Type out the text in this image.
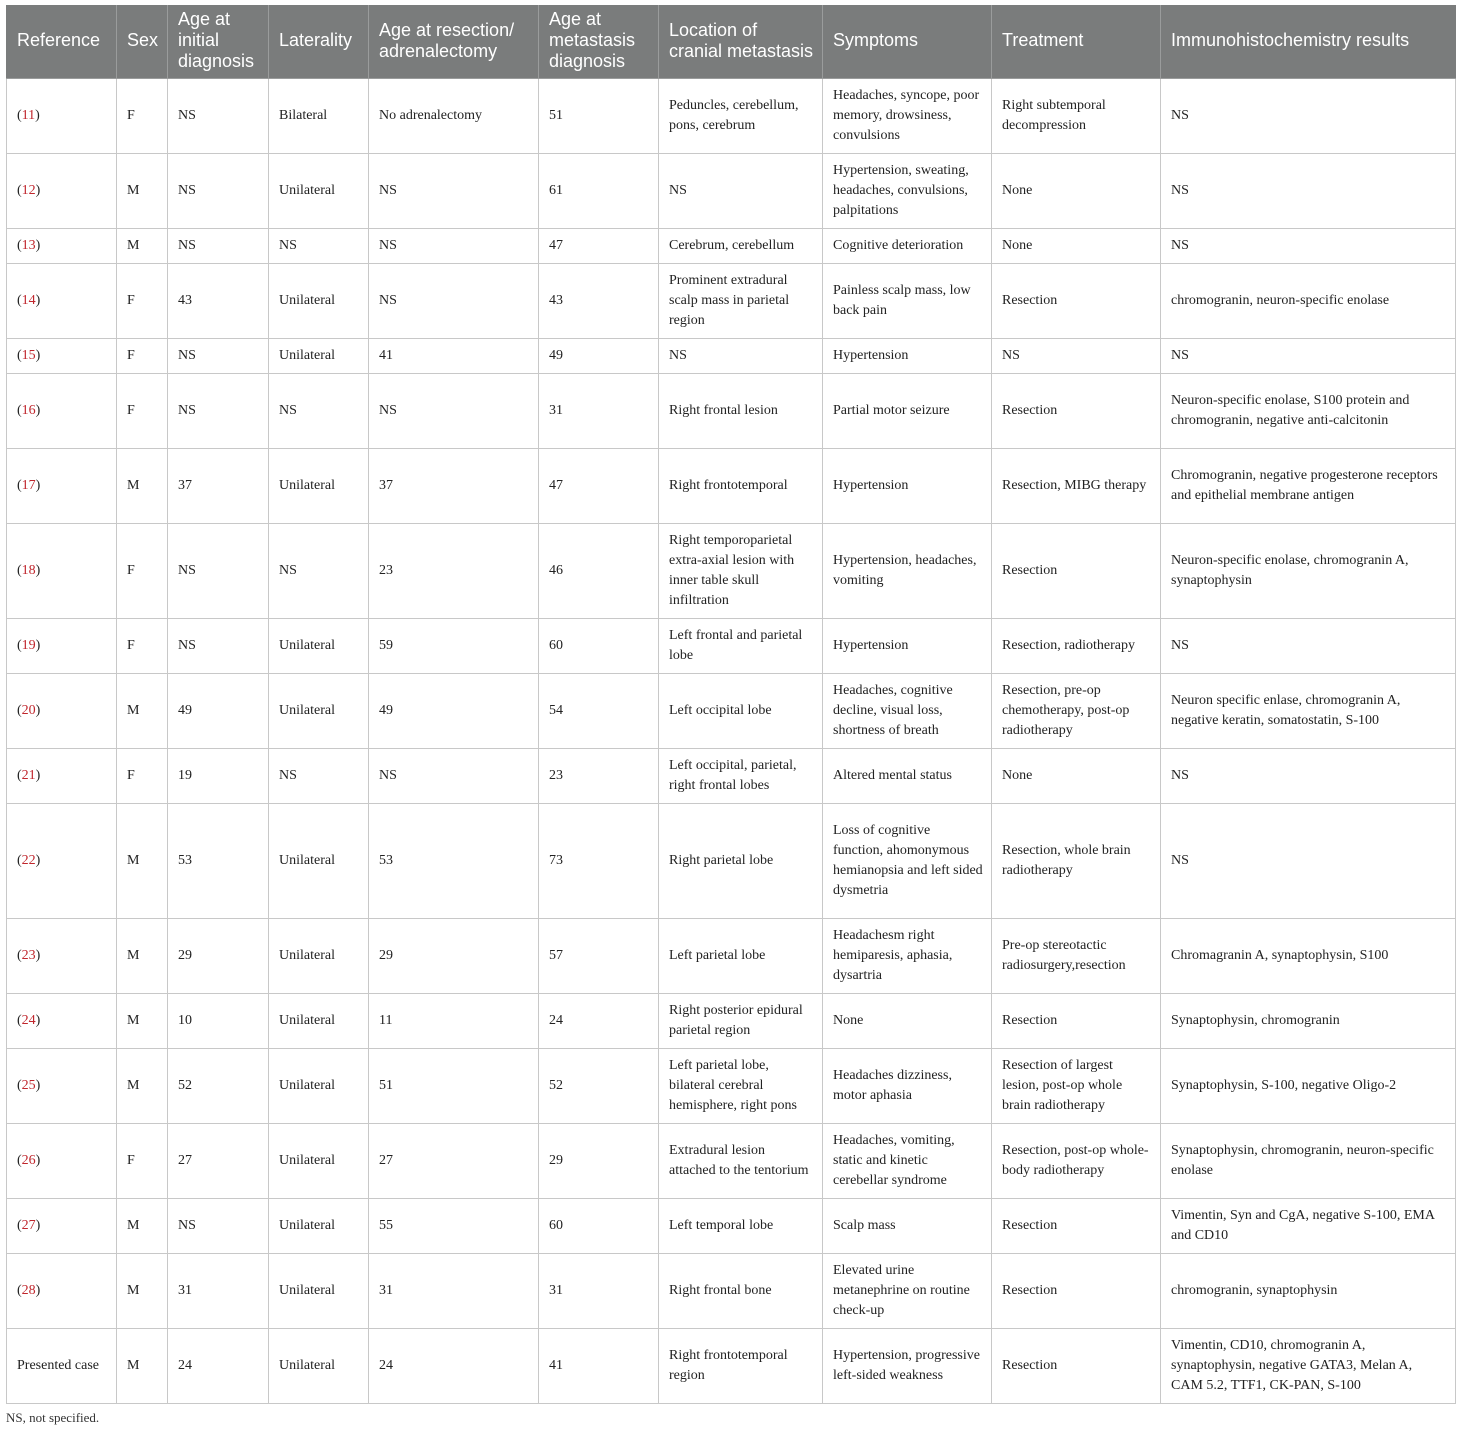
Reference	Sex	Age at initial diagnosis	Laterality	Age at resection/ adrenalectomy	Age at metastasis diagnosis	Location of cranial metastasis	Symptoms	Treatment	Immunohistochemistry results
(11)	F	NS	Bilateral	No adrenalectomy	51	Peduncles, cerebellum, pons, cerebrum	Headaches, syncope, poor memory, drowsiness, convulsions	Right subtemporal decompression	NS
(12)	M	NS	Unilateral	NS	61	NS	Hypertension, sweating, headaches, convulsions, palpitations	None	NS
(13)	M	NS	NS	NS	47	Cerebrum, cerebellum	Cognitive deterioration	None	NS
(14)	F	43	Unilateral	NS	43	Prominent extradural scalp mass in parietal region	Painless scalp mass, low back pain	Resection	chromogranin, neuron-specific enolase
(15)	F	NS	Unilateral	41	49	NS	Hypertension	NS	NS
(16)	F	NS	NS	NS	31	Right frontal lesion	Partial motor seizure	Resection	Neuron-specific enolase, S100 protein and chromogranin, negative anti-calcitonin
(17)	M	37	Unilateral	37	47	Right frontotemporal	Hypertension	Resection, MIBG therapy	Chromogranin, negative progesterone receptors and epithelial membrane antigen
(18)	F	NS	NS	23	46	Right temporoparietal extra-axial lesion with inner table skull infiltration	Hypertension, headaches, vomiting	Resection	Neuron-specific enolase, chromogranin A, synaptophysin
(19)	F	NS	Unilateral	59	60	Left frontal and parietal lobe	Hypertension	Resection, radiotherapy	NS
(20)	M	49	Unilateral	49	54	Left occipital lobe	Headaches, cognitive decline, visual loss, shortness of breath	Resection, pre-op chemotherapy, post-op radiotherapy	Neuron specific enlase, chromogranin A, negative keratin, somatostatin, S-100
(21)	F	19	NS	NS	23	Left occipital, parietal, right frontal lobes	Altered mental status	None	NS
(22)	M	53	Unilateral	53	73	Right parietal lobe	Loss of cognitive function, ahomonymous hemianopsia and left sided dysmetria	Resection, whole brain radiotherapy	NS
(23)	M	29	Unilateral	29	57	Left parietal lobe	Headachesm right hemiparesis, aphasia, dysartria	Pre-op stereotactic radiosurgery,resection	Chromagranin A, synaptophysin, S100
(24)	M	10	Unilateral	11	24	Right posterior epidural parietal region	None	Resection	Synaptophysin, chromogranin
(25)	M	52	Unilateral	51	52	Left parietal lobe, bilateral cerebral hemisphere, right pons	Headaches dizziness, motor aphasia	Resection of largest lesion, post-op whole brain radiotherapy	Synaptophysin, S-100, negative Oligo-2
(26)	F	27	Unilateral	27	29	Extradural lesion attached to the tentorium	Headaches, vomiting, static and kinetic cerebellar syndrome	Resection, post-op whole-body radiotherapy	Synaptophysin, chromogranin, neuron-specific enolase
(27)	M	NS	Unilateral	55	60	Left temporal lobe	Scalp mass	Resection	Vimentin, Syn and CgA, negative S-100, EMA and CD10
(28)	M	31	Unilateral	31	31	Right frontal bone	Elevated urine metanephrine on routine check-up	Resection	chromogranin, synaptophysin
Presented case	M	24	Unilateral	24	41	Right frontotemporal region	Hypertension, progressive left-sided weakness	Resection	Vimentin, CD10, chromogranin A, synaptophysin, negative GATA3, Melan A, CAM 5.2, TTF1, CK-PAN, S-100
NS, not specified.
